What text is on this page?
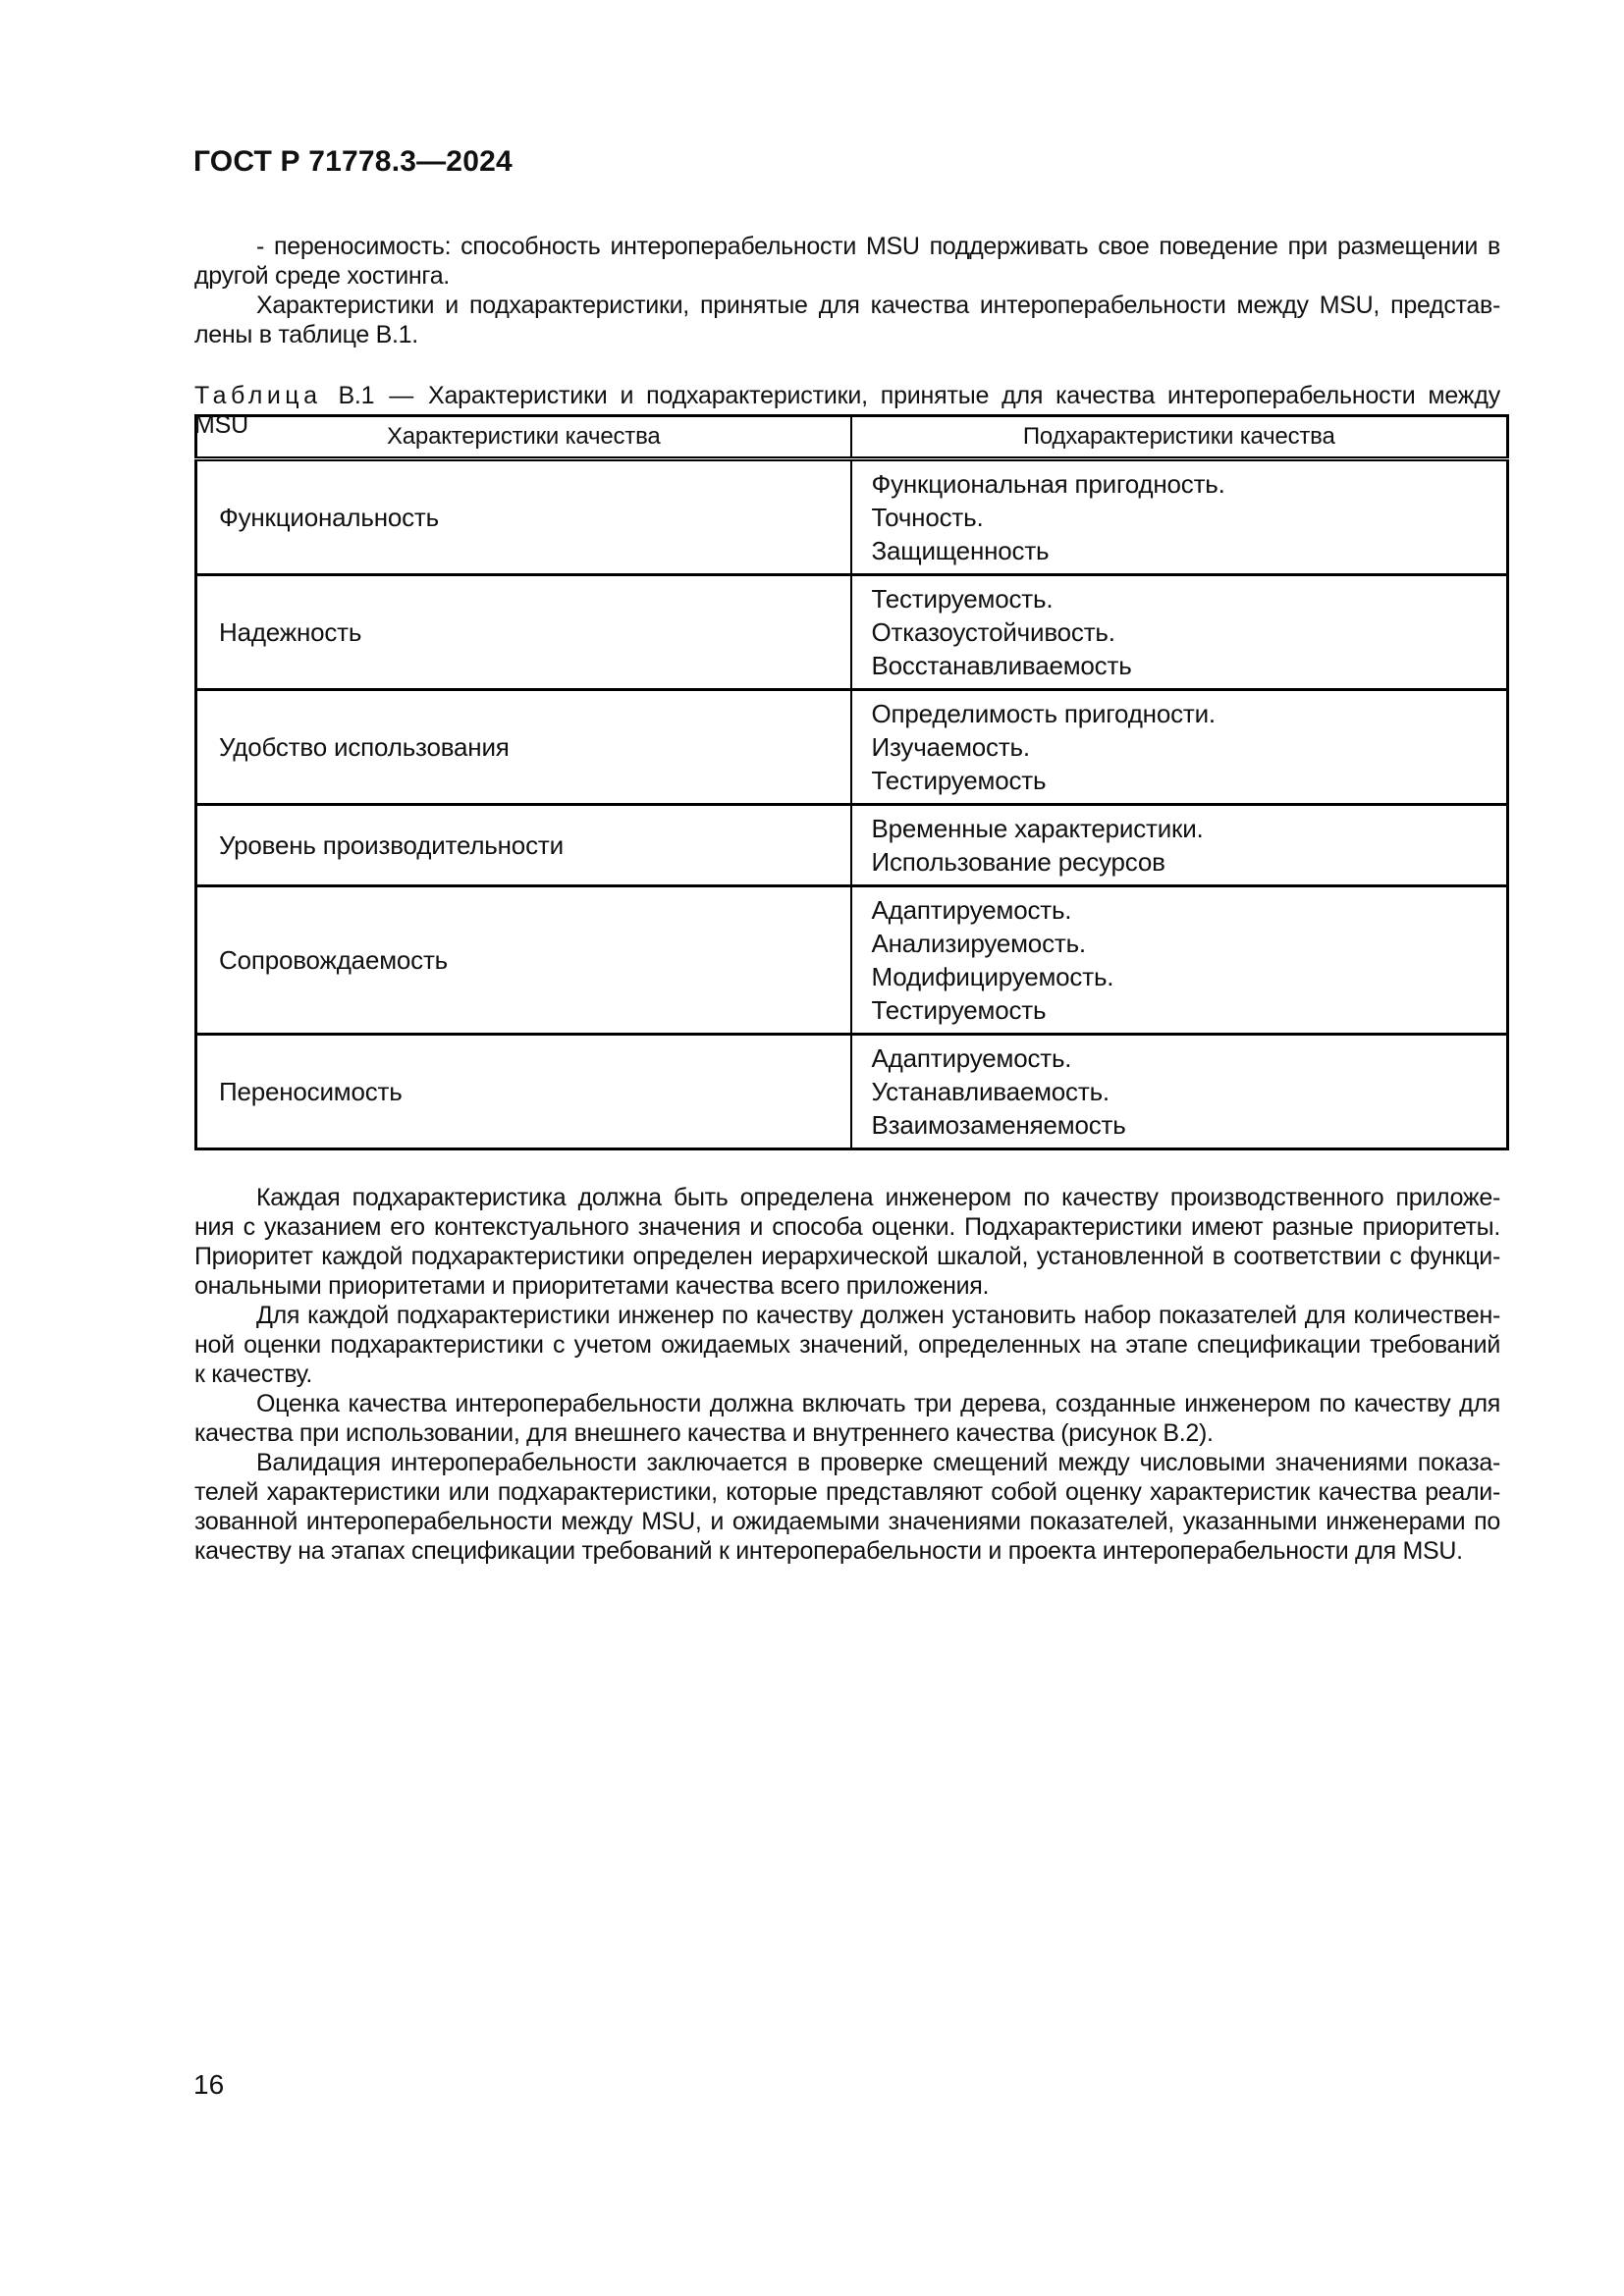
ГОСТ Р 71778.3—2024
- переносимость: способность интероперабельности MSU поддерживать свое поведение при размещении в
другой среде хостинга.
Характеристики и подхарактеристики, принятые для качества интероперабельности между MSU, представ-
лены в таблице В.1.
Таблица В.1 — Характеристики и подхарактеристики, принятые для качества интероперабельности между MSU	Характеристики качества	Подхарактеристики качества
Функциональность	Функциональная пригодность.
Точность.
Защищенность

Надежность	Тестируемость.
Отказоустойчивость.
Восстанавливаемость

Удобство использования	Определимость пригодности.
Изучаемость.
Тестируемость

Уровень производительности	Временные характеристики.
Использование ресурсов

Сопровождаемость	Адаптируемость.
Анализируемость.
Модифицируемость.
Тестируемость

Переносимость	Адаптируемость.
Устанавливаемость.
Взаимозаменяемость
Каждая подхарактеристика должна быть определена инженером по качеству производственного приложе-
ния с указанием его контекстуального значения и способа оценки. Подхарактеристики имеют разные приоритеты.
Приоритет каждой подхарактеристики определен иерархической шкалой, установленной в соответствии с функци-
ональными приоритетами и приоритетами качества всего приложения.
Для каждой подхарактеристики инженер по качеству должен установить набор показателей для количествен-
ной оценки подхарактеристики с учетом ожидаемых значений, определенных на этапе спецификации требований
к качеству.
Оценка качества интероперабельности должна включать три дерева, созданные инженером по качеству для
качества при использовании, для внешнего качества и внутреннего качества (рисунок В.2).
Валидация интероперабельности заключается в проверке смещений между числовыми значениями показа-
телей характеристики или подхарактеристики, которые представляют собой оценку характеристик качества реали-
зованной интероперабельности между MSU, и ожидаемыми значениями показателей, указанными инженерами по
качеству на этапах спецификации требований к интероперабельности и проекта интероперабельности для MSU.
16
